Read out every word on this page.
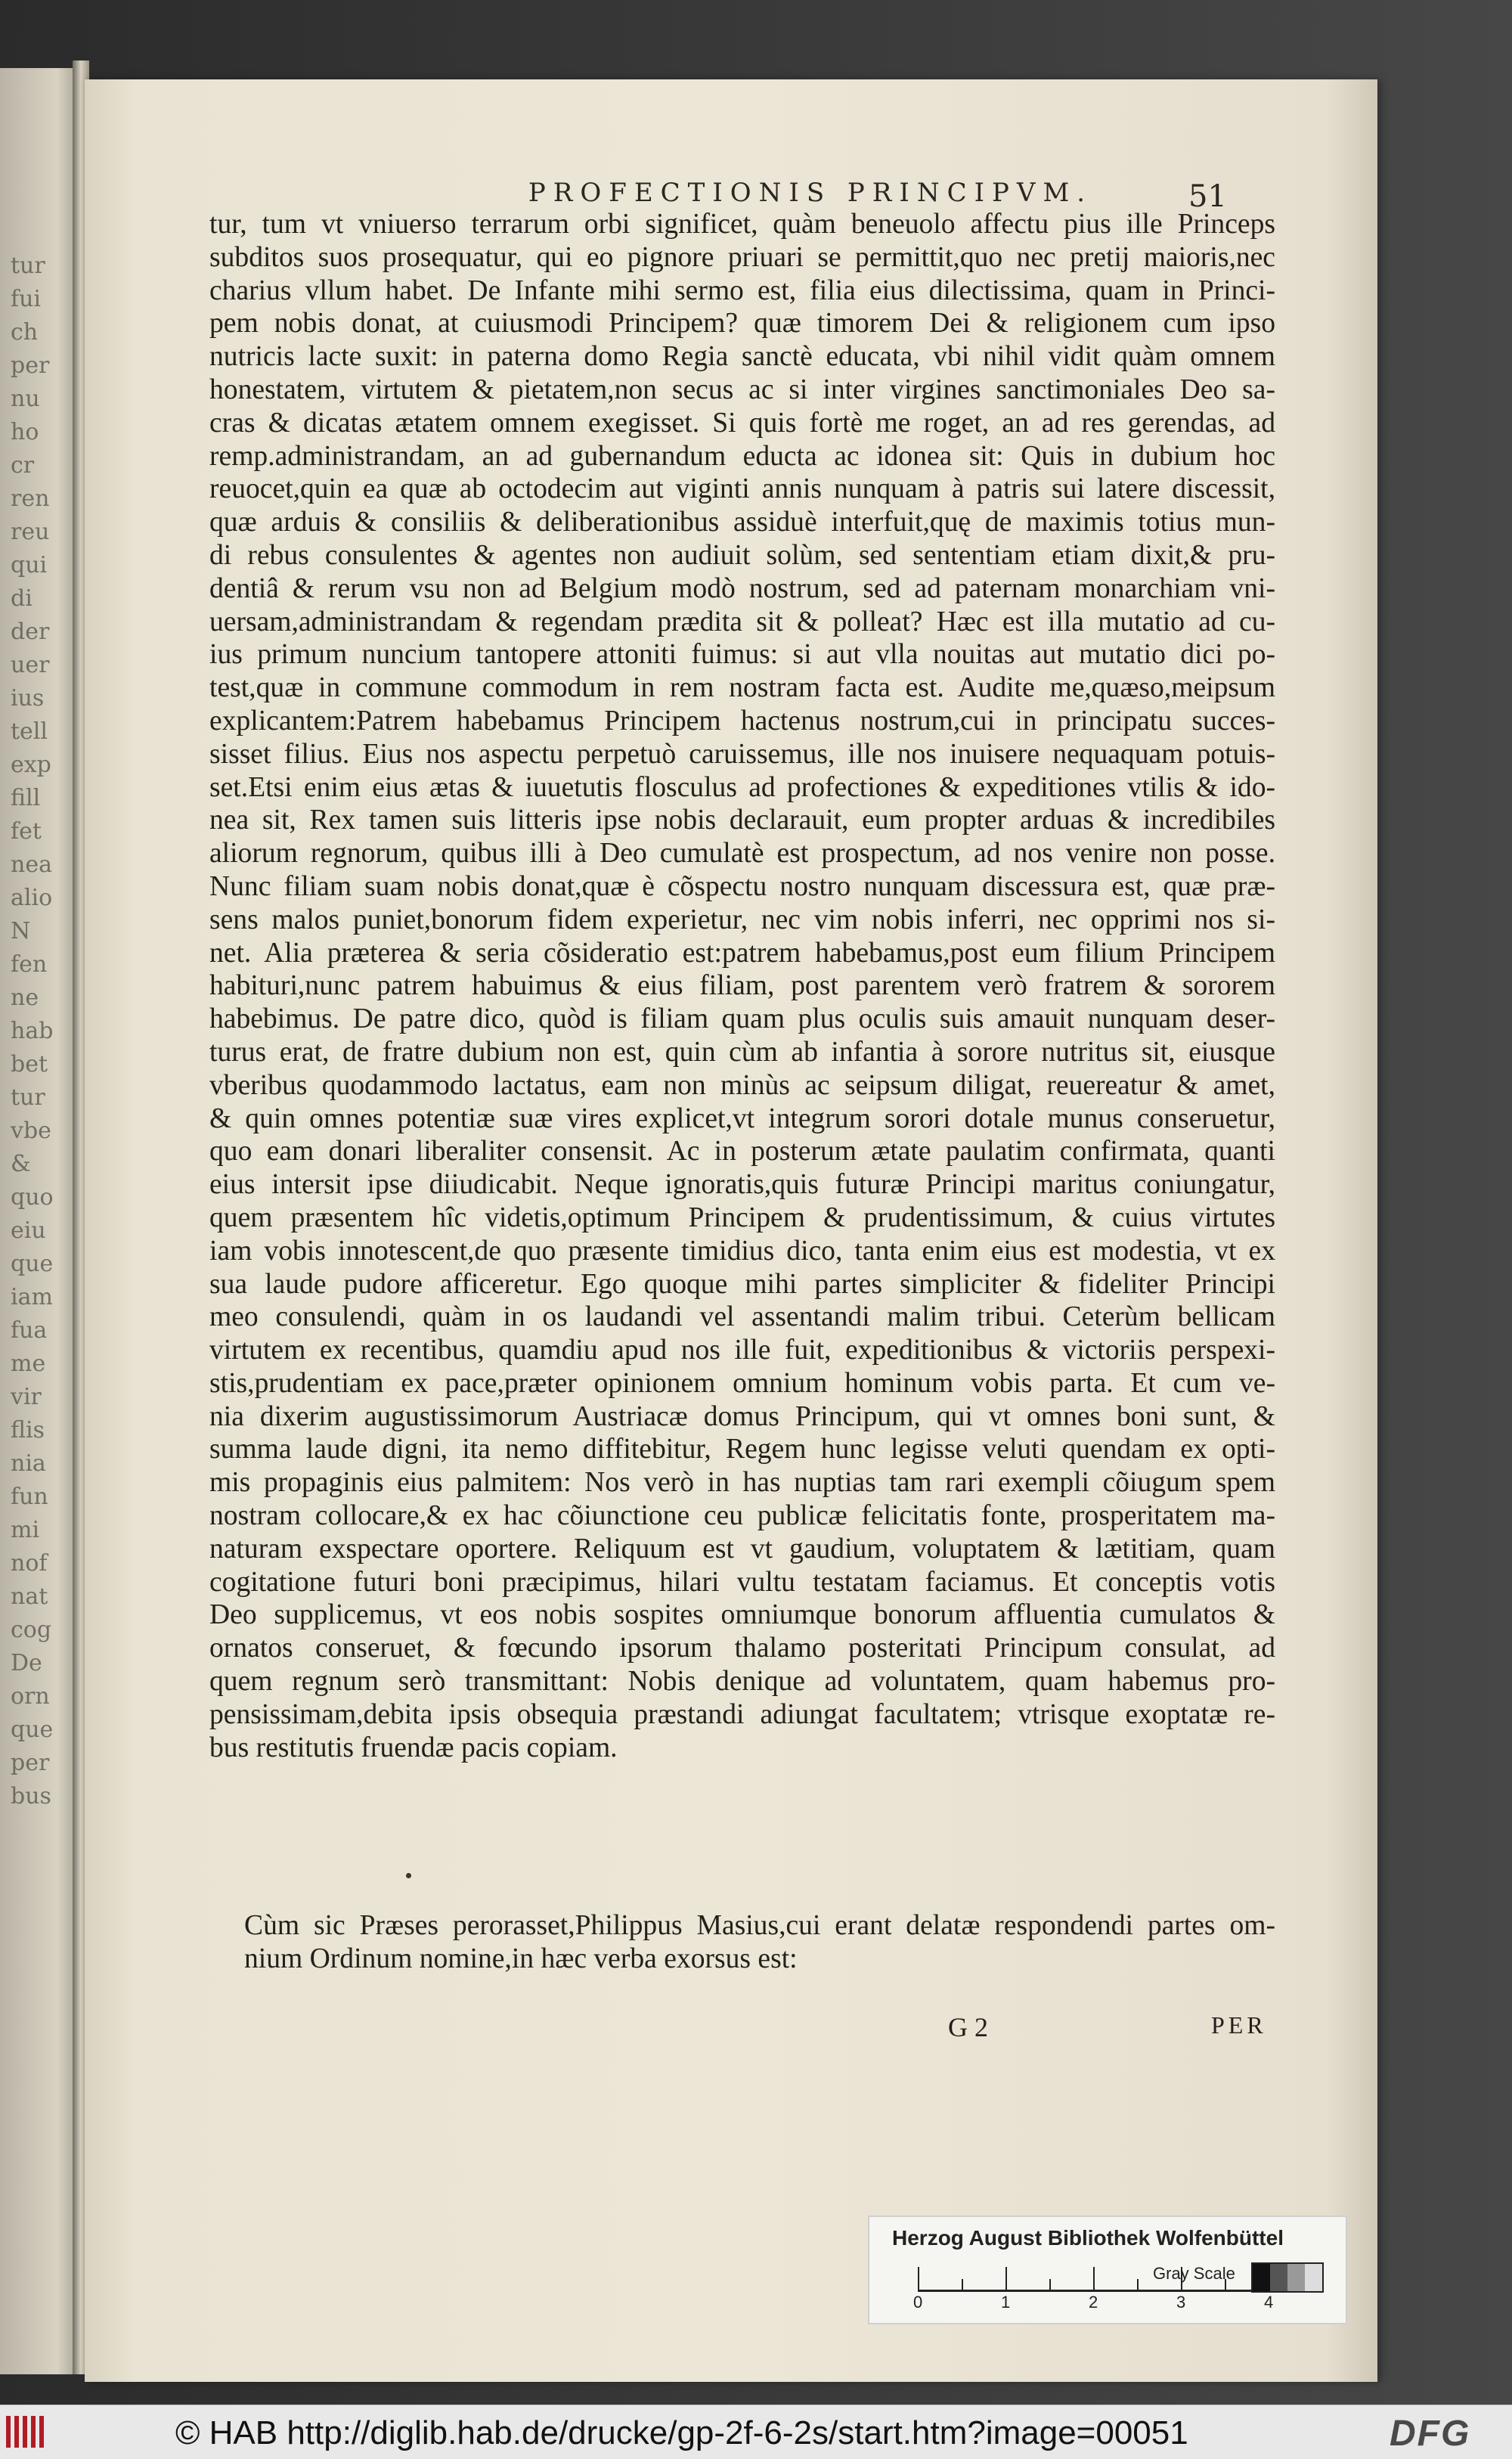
tur
fui
ch
per
nu
ho
cr
ren
reu
qui
di
der
uer
ius
tell
exp
fill
fet
nea
alio
N
fen
ne
hab
bet
tur
vbe
&
quo
eiu
que
iam
fua
me
vir
flis
nia
fun
mi
nof
nat
cog
De
orn
que
per
bus
PROFECTIONIS PRINCIPVM.	51

tur, tum vt vniuerso terrarum orbi significet, quàm beneuolo affectu pius ille Princeps

subditos suos prosequatur, qui eo pignore priuari se permittit,quo nec pretij maioris,nec

charius vllum habet. De Infante mihi sermo est, filia eius dilectissima, quam in Princi-

pem nobis donat, at cuiusmodi Principem? quæ timorem Dei & religionem cum ipso

nutricis lacte suxit: in paterna domo Regia sanctè educata, vbi nihil vidit quàm omnem

honestatem, virtutem & pietatem,non secus ac si inter virgines sanctimoniales Deo sa-

cras & dicatas ætatem omnem exegisset. Si quis fortè me roget, an ad res gerendas, ad

remp.administrandam, an ad gubernandum educta ac idonea sit: Quis in dubium hoc

reuocet,quin ea quæ ab octodecim aut viginti annis nunquam à patris sui latere discessit,

quæ arduis & consiliis & deliberationibus assiduè interfuit,quę de maximis totius mun-

di rebus consulentes & agentes non audiuit solùm, sed sententiam etiam dixit,& pru-

dentiâ & rerum vsu non ad Belgium modò nostrum, sed ad paternam monarchiam vni-

uersam,administrandam & regendam prædita sit & polleat? Hæc est illa mutatio ad cu-

ius primum nuncium tantopere attoniti fuimus: si aut vlla nouitas aut mutatio dici po-

test,quæ in commune commodum in rem nostram facta est. Audite me,quæso,meipsum

explicantem:Patrem habebamus Principem hactenus nostrum,cui in principatu succes-

sisset filius. Eius nos aspectu perpetuò caruissemus, ille nos inuisere nequaquam potuis-

set.Etsi enim eius ætas & iuuetutis flosculus ad profectiones & expeditiones vtilis & ido-

nea sit, Rex tamen suis litteris ipse nobis declarauit, eum propter arduas & incredibiles

aliorum regnorum, quibus illi à Deo cumulatè est prospectum, ad nos venire non posse.

Nunc filiam suam nobis donat,quæ è cõspectu nostro nunquam discessura est, quæ præ-

sens malos puniet,bonorum fidem experietur, nec vim nobis inferri, nec opprimi nos si-

net. Alia præterea & seria cõsideratio est:patrem habebamus,post eum filium Principem

habituri,nunc patrem habuimus & eius filiam, post parentem verò fratrem & sororem

habebimus. De patre dico, quòd is filiam quam plus oculis suis amauit nunquam deser-

turus erat, de fratre dubium non est, quin cùm ab infantia à sorore nutritus sit, eiusque

vberibus quodammodo lactatus, eam non minùs ac seipsum diligat, reuereatur & amet,

& quin omnes potentiæ suæ vires explicet,vt integrum sorori dotale munus conseruetur,

quo eam donari liberaliter consensit. Ac in posterum ætate paulatim confirmata, quanti

eius intersit ipse diiudicabit. Neque ignoratis,quis futuræ Principi maritus coniungatur,

quem præsentem hîc videtis,optimum Principem & prudentissimum, & cuius virtutes

iam vobis innotescent,de quo præsente timidius dico, tanta enim eius est modestia, vt ex

sua laude pudore afficeretur. Ego quoque mihi partes simpliciter & fideliter Principi

meo consulendi, quàm in os laudandi vel assentandi malim tribui. Ceterùm bellicam

virtutem ex recentibus, quamdiu apud nos ille fuit, expeditionibus & victoriis perspexi-

stis,prudentiam ex pace,præter opinionem omnium hominum vobis parta. Et cum ve-

nia dixerim augustissimorum Austriacæ domus Principum, qui vt omnes boni sunt, &

summa laude digni, ita nemo diffitebitur, Regem hunc legisse veluti quendam ex opti-

mis propaginis eius palmitem: Nos verò in has nuptias tam rari exempli cõiugum spem

nostram collocare,& ex hac cõiunctione ceu publicæ felicitatis fonte, prosperitatem ma-

naturam exspectare oportere. Reliquum est vt gaudium, voluptatem & lætitiam, quam

cogitatione futuri boni præcipimus, hilari vultu testatam faciamus. Et conceptis votis

Deo supplicemus, vt eos nobis sospites omniumque bonorum affluentia cumulatos &

ornatos conseruet, & fœcundo ipsorum thalamo posteritati Principum consulat, ad

quem regnum serò transmittant: Nobis denique ad voluntatem, quam habemus pro-

pensissimam,debita ipsis obsequia præstandi adiungat facultatem; vtrisque exoptatæ re-

bus restitutis fruendæ pacis copiam.

Cùm sic Præses perorasset,Philippus Masius,cui erant delatæ respondendi partes om-

nium Ordinum nomine,in hæc verba exorsus est:

G 2	PER
Herzog August Bibliothek Wolfenbüttel
0	1	2	3	4
Gray Scale
© HAB http://diglib.hab.de/drucke/gp-2f-6-2s/start.htm?image=00051	DFG
